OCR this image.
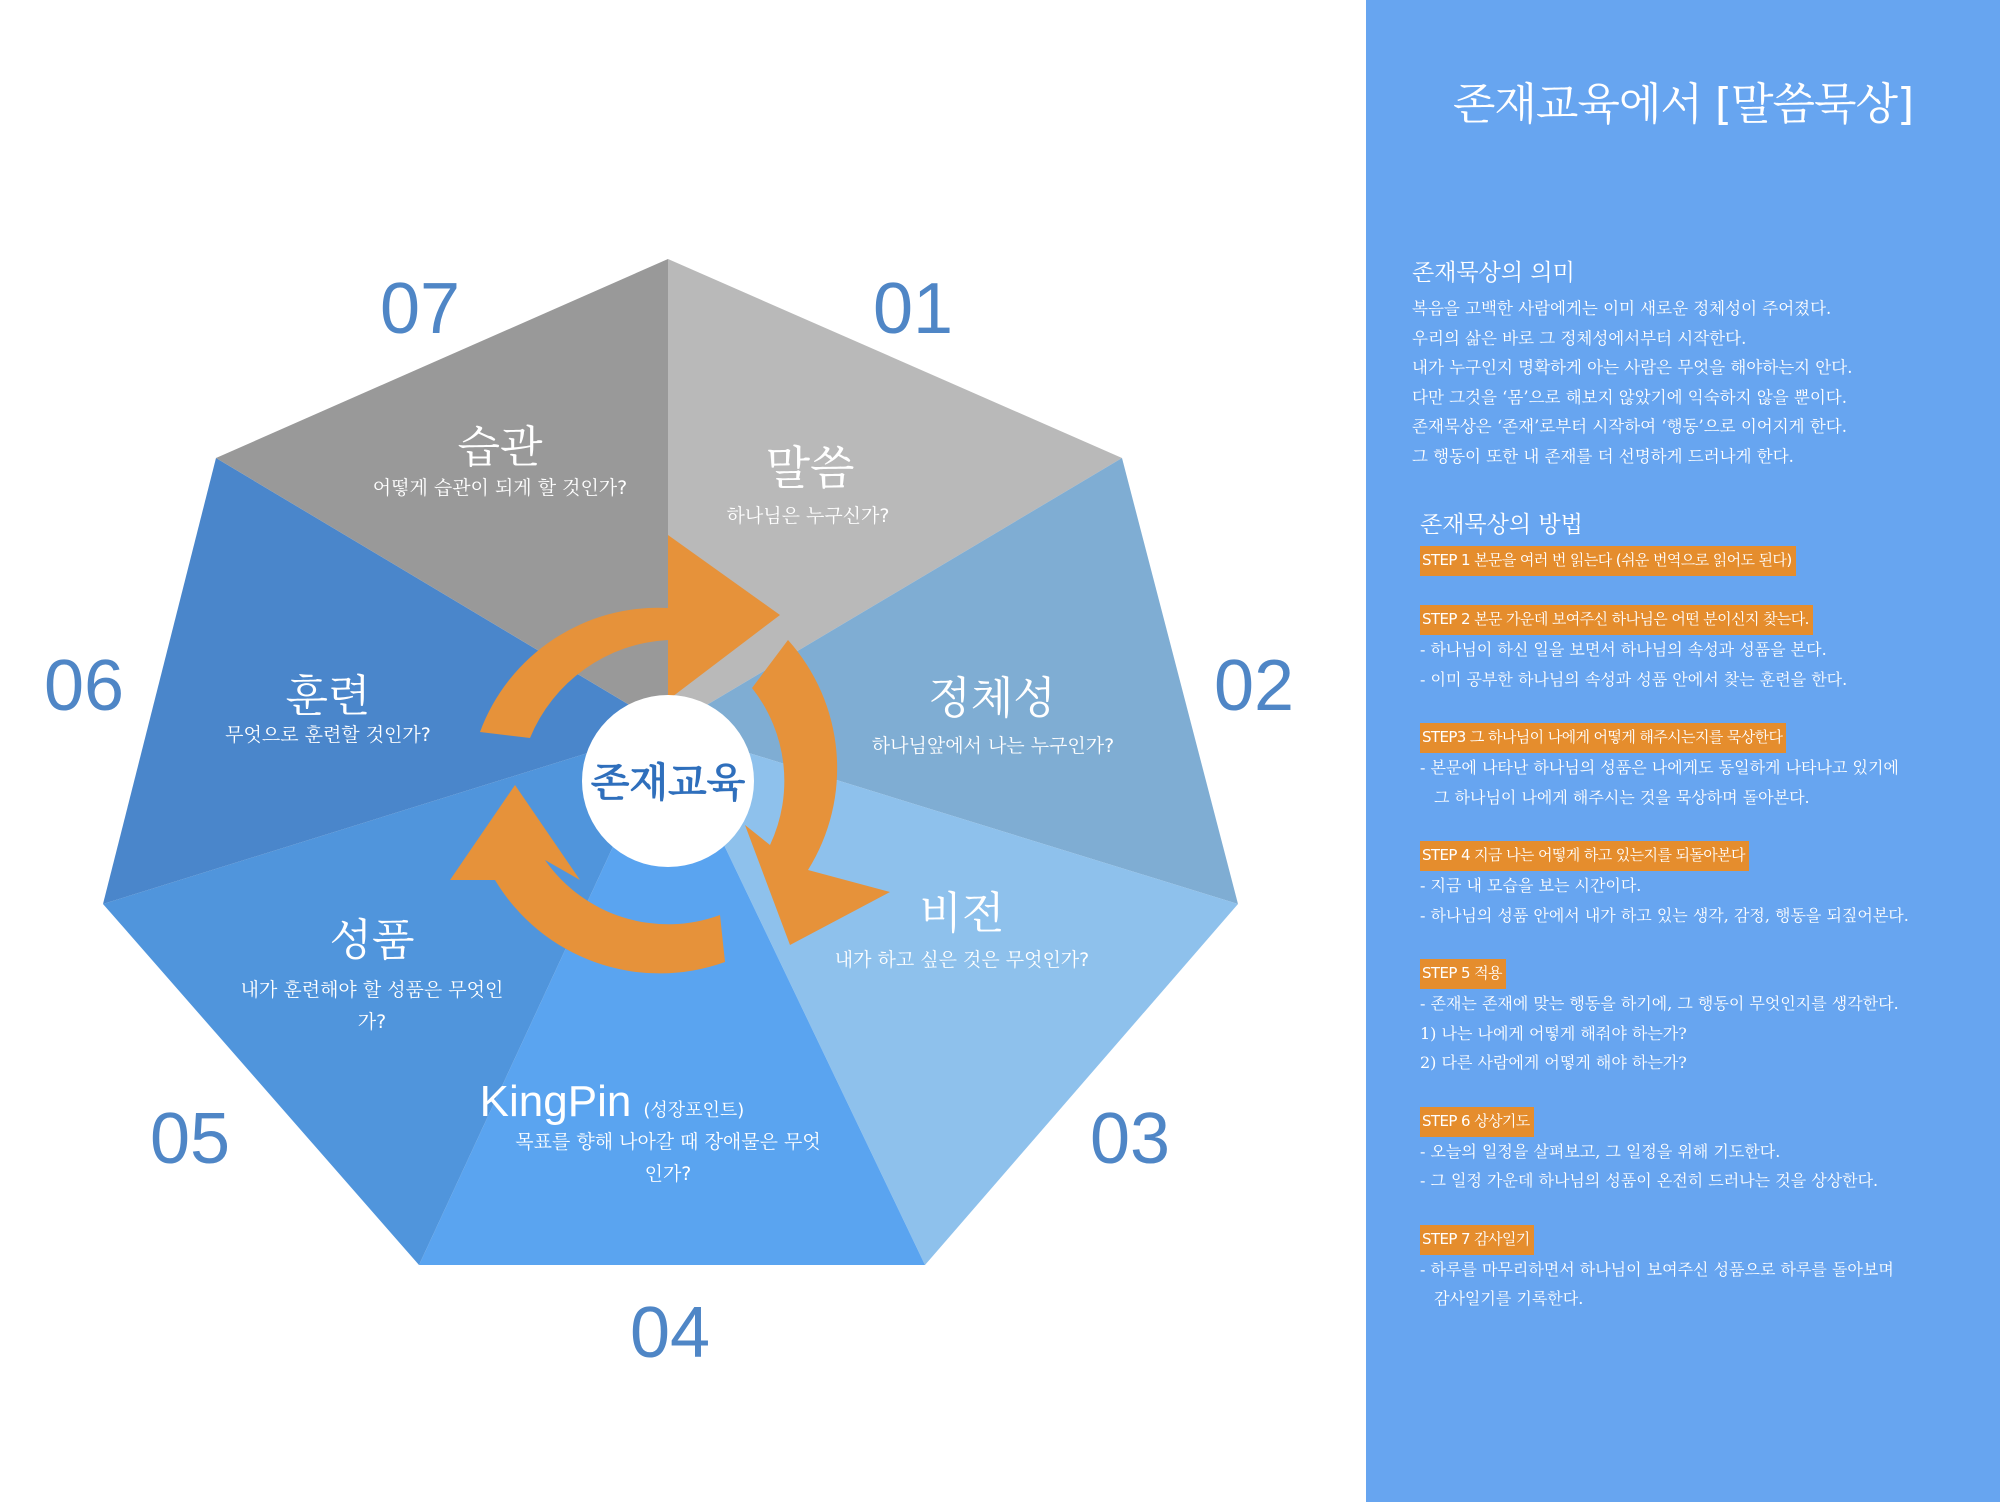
존재교육
말씀
하나님은 누구신가?
정체성
하나님앞에서 나는 누구인가?
비전
내가 하고 싶은 것은 무엇인가?
KingPin (성장포인트)
목표를 향해 나아갈 때 장애물은 무엇
인가?
성품
내가 훈련해야 할 성품은 무엇인
가?
훈련
무엇으로 훈련할 것인가?
습관
어떻게 습관이 되게 할 것인가?
01
02
03
04
05
06
07
존재교육에서 [말씀묵상]
존재묵상의 의미
복음을 고백한 사람에게는 이미 새로운 정체성이 주어졌다.
우리의 삶은 바로 그 정체성에서부터 시작한다.
내가 누구인지 명확하게 아는 사람은 무엇을 해야하는지 안다.
다만 그것을 ‘몸’으로 해보지 않았기에 익숙하지 않을 뿐이다.
존재묵상은 ‘존재’로부터 시작하여 ‘행동’으로 이어지게 한다.
그 행동이 또한 내 존재를 더 선명하게 드러나게 한다.
존재묵상의 방법
STEP 1 본문을 여러 번 읽는다 (쉬운 번역으로 읽어도 된다)
STEP 2 본문 가운데 보여주신 하나님은 어떤 분이신지 찾는다.
- 하나님이 하신 일을 보면서 하나님의 속성과 성품을 본다.
- 이미 공부한 하나님의 속성과 성품 안에서 찾는 훈련을 한다.
STEP3 그 하나님이 나에게 어떻게 해주시는지를 묵상한다
- 본문에 나타난 하나님의 성품은 나에게도 동일하게 나타나고 있기에
그 하나님이 나에게 해주시는 것을 묵상하며 돌아본다.
STEP 4 지금 나는 어떻게 하고 있는지를 되돌아본다
- 지금 내 모습을 보는 시간이다.
- 하나님의 성품 안에서 내가 하고 있는 생각, 감정, 행동을 되짚어본다.
STEP 5 적용
- 존재는 존재에 맞는 행동을 하기에, 그 행동이 무엇인지를 생각한다.
1) 나는 나에게 어떻게 해줘야 하는가?
2) 다른 사람에게 어떻게 해야 하는가?
STEP 6 상상기도
- 오늘의 일정을 살펴보고, 그 일정을 위해 기도한다.
- 그 일정 가운데 하나님의 성품이 온전히 드러나는 것을 상상한다.
STEP 7 감사일기
- 하루를 마무리하면서 하나님이 보여주신 성품으로 하루를 돌아보며
감사일기를 기록한다.
